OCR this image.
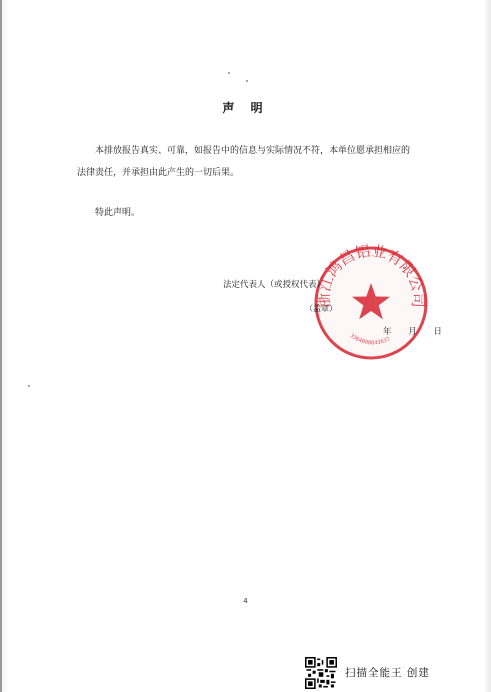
声 明
本排放报告真实、可靠，如报告中的信息与实际情况不符，本单位愿承担相应的法律责任，并承担由此产生的一切后果。
特此声明。
浙江鸿昌铝业有限公司
3304080043637
法定代表人（或授权代表）
（盖章）
年 月 日
4
扫描全能王 创建
